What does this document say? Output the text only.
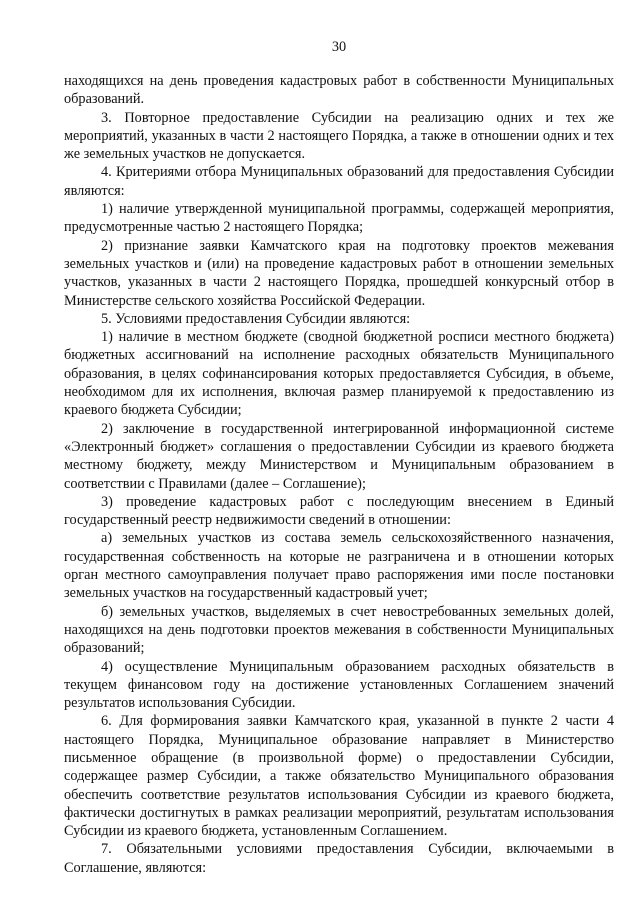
30

находящихся на день проведения кадастровых работ в собственности Муниципальных образований.

3. Повторное предоставление Субсидии на реализацию одних и тех же мероприятий, указанных в части 2 настоящего Порядка, а также в отношении одних и тех же земельных участков не допускается.

4. Критериями отбора Муниципальных образований для предоставления Субсидии являются:

1) наличие утвержденной муниципальной программы, содержащей мероприятия, предусмотренные частью 2 настоящего Порядка;

2) признание заявки Камчатского края на подготовку проектов межевания земельных участков и (или) на проведение кадастровых работ в отношении земельных участков, указанных в части 2 настоящего Порядка, прошедшей конкурсный отбор в Министерстве сельского хозяйства Российской Федерации.

5. Условиями предоставления Субсидии являются:

1) наличие в местном бюджете (сводной бюджетной росписи местного бюджета) бюджетных ассигнований на исполнение расходных обязательств Муниципального образования, в целях софинансирования которых предоставляется Субсидия, в объеме, необходимом для их исполнения, включая размер планируемой к предоставлению из краевого бюджета Субсидии;

2) заключение в государственной интегрированной информационной системе «Электронный бюджет» соглашения о предоставлении Субсидии из краевого бюджета местному бюджету, между Министерством и Муниципальным образованием в соответствии с Правилами (далее – Соглашение);

3) проведение кадастровых работ с последующим внесением в Единый государственный реестр недвижимости сведений в отношении:

а) земельных участков из состава земель сельскохозяйственного назначения, государственная собственность на которые не разграничена и в отношении которых орган местного самоуправления получает право распоряжения ими после постановки земельных участков на государственный кадастровый учет;

б) земельных участков, выделяемых в счет невостребованных земельных долей, находящихся на день подготовки проектов межевания в собственности Муниципальных образований;

4) осуществление Муниципальным образованием расходных обязательств в текущем финансовом году на достижение установленных Соглашением значений результатов использования Субсидии.

6. Для формирования заявки Камчатского края, указанной в пункте 2 части 4 настоящего Порядка, Муниципальное образование направляет в Министерство письменное обращение (в произвольной форме) о предоставлении Субсидии, содержащее размер Субсидии, а также обязательство Муниципального образования обеспечить соответствие результатов использования Субсидии из краевого бюджета, фактически достигнутых в рамках реализации мероприятий, результатам использования Субсидии из краевого бюджета, установленным Соглашением.

7. Обязательными условиями предоставления Субсидии, включаемыми в Соглашение, являются:
